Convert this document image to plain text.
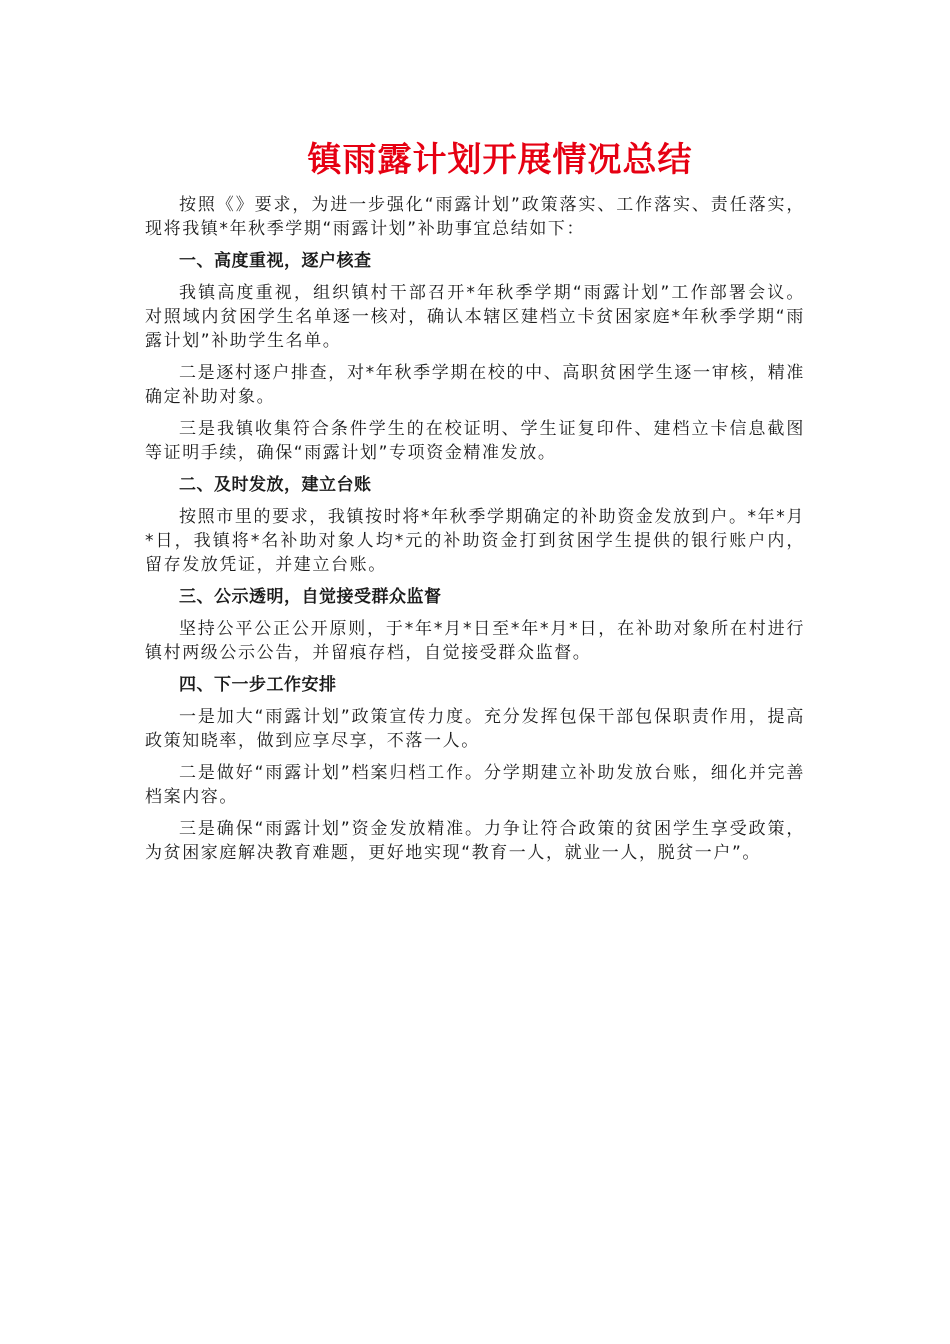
镇雨露计划开展情况总结

按照《》要求，为进一步强化“雨露计划”政策落实、工作落实、责任落实，现将我镇*年秋季学期“雨露计划”补助事宜总结如下：

一、高度重视，逐户核查

我镇高度重视，组织镇村干部召开*年秋季学期“雨露计划”工作部署会议。对照域内贫困学生名单逐一核对，确认本辖区建档立卡贫困家庭*年秋季学期“雨露计划”补助学生名单。

二是逐村逐户排查，对*年秋季学期在校的中、高职贫困学生逐一审核，精准确定补助对象。

三是我镇收集符合条件学生的在校证明、学生证复印件、建档立卡信息截图等证明手续，确保“雨露计划”专项资金精准发放。

二、及时发放，建立台账

按照市里的要求，我镇按时将*年秋季学期确定的补助资金发放到户。*年*月*日，我镇将*名补助对象人均*元的补助资金打到贫困学生提供的银行账户内，留存发放凭证，并建立台账。

三、公示透明，自觉接受群众监督

坚持公平公正公开原则，于*年*月*日至*年*月*日，在补助对象所在村进行镇村两级公示公告，并留痕存档，自觉接受群众监督。

四、下一步工作安排

一是加大“雨露计划”政策宣传力度。充分发挥包保干部包保职责作用，提高政策知晓率，做到应享尽享，不落一人。

二是做好“雨露计划”档案归档工作。分学期建立补助发放台账，细化并完善档案内容。

三是确保“雨露计划”资金发放精准。力争让符合政策的贫困学生享受政策，为贫困家庭解决教育难题，更好地实现“教育一人，就业一人，脱贫一户”。
